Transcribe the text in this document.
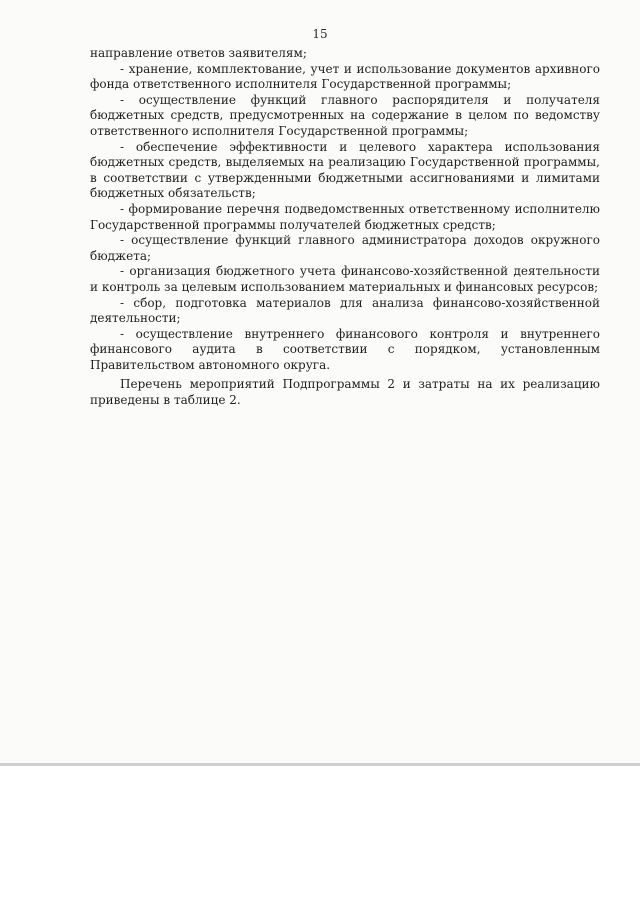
15

направление ответов заявителям;

- хранение, комплектование, учет и использование документов архивного фонда ответственного исполнителя Государственной программы;

- осуществление функций главного распорядителя и получателя бюджетных средств, предусмотренных на содержание в целом по ведомству ответственного исполнителя Государственной программы;

- обеспечение эффективности и целевого характера использования бюджетных средств, выделяемых на реализацию Государственной программы, в соответствии с утвержденными бюджетными ассигнованиями и лимитами бюджетных обязательств;

- формирование перечня подведомственных ответственному исполнителю Государственной программы получателей бюджетных средств;

- осуществление функций главного администратора доходов окружного бюджета;

- организация бюджетного учета финансово-хозяйственной деятельности и контроль за целевым использованием материальных и финансовых ресурсов;

- сбор, подготовка материалов для анализа финансово-хозяйственной деятельности;

- осуществление внутреннего финансового контроля и внутреннего финансового аудита в соответствии с порядком, установленным Правительством автономного округа.

Перечень мероприятий Подпрограммы 2 и затраты на их реализацию приведены в таблице 2.
